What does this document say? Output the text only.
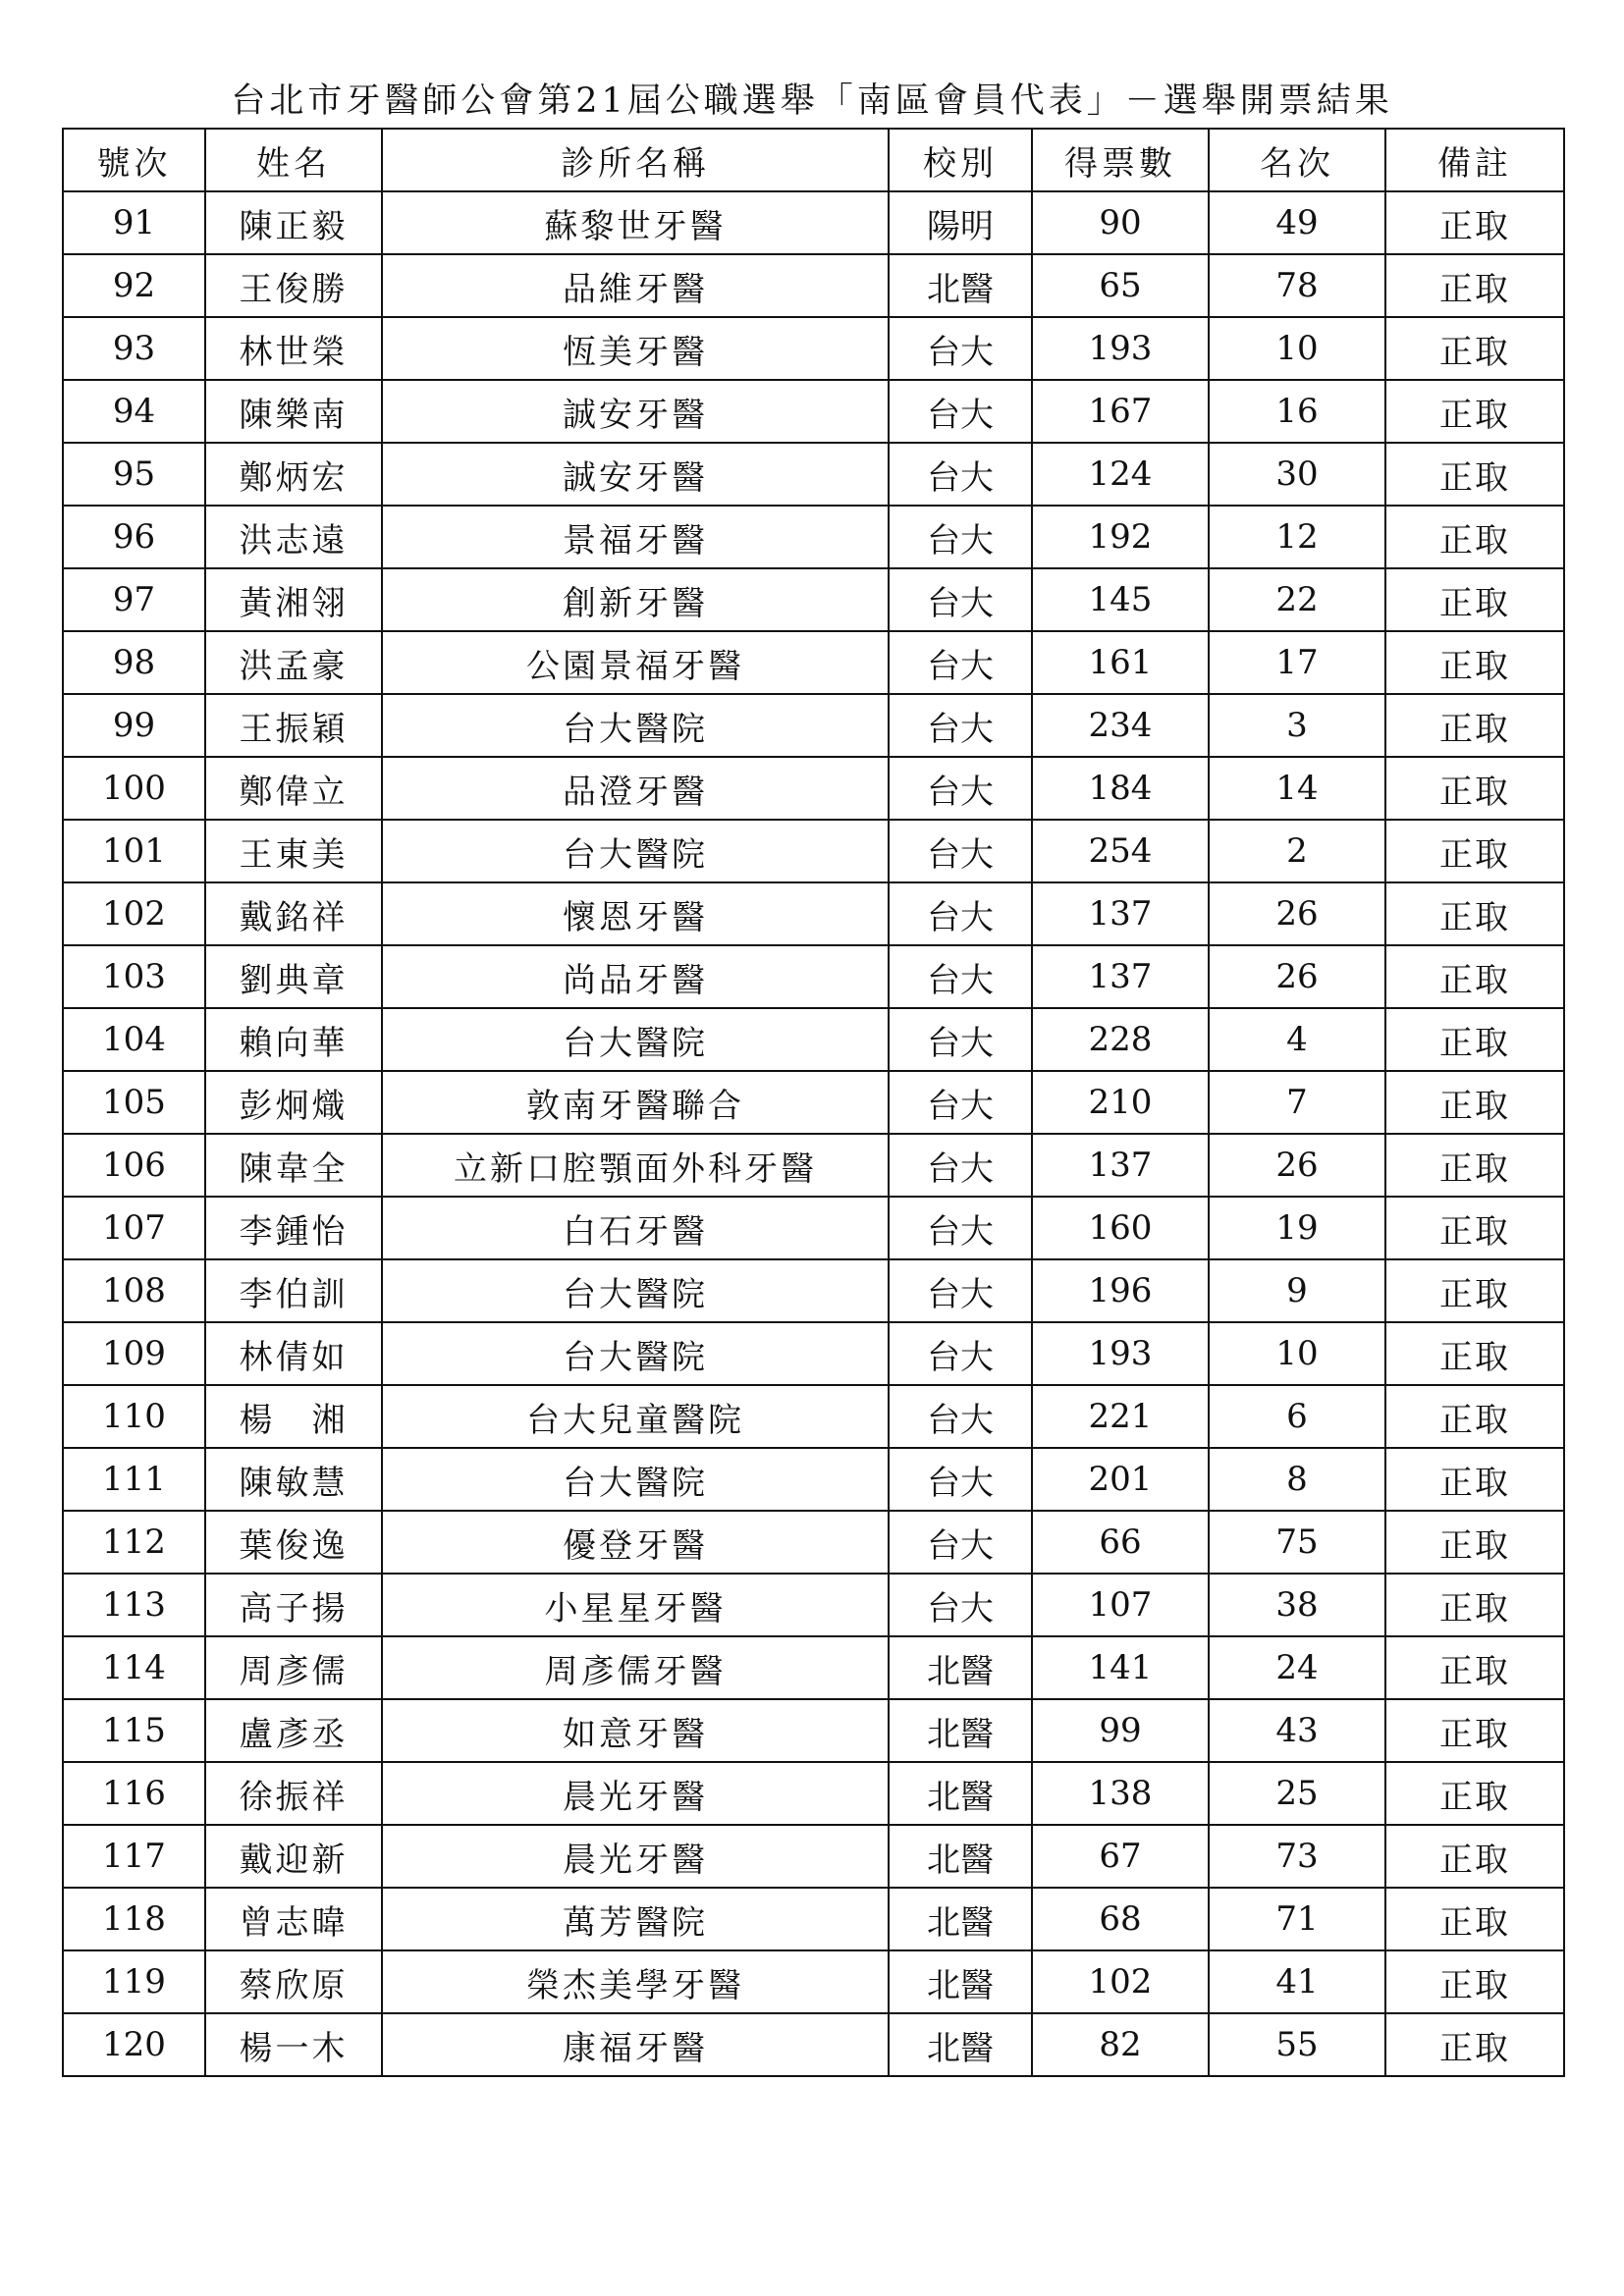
台北市牙醫師公會第21屆公職選舉「南區會員代表」－選舉開票結果
號次	姓名	診所名稱	校別	得票數	名次	備註
91	陳正毅	蘇黎世牙醫	陽明	90	49	正取
92	王俊勝	品維牙醫	北醫	65	78	正取
93	林世榮	恆美牙醫	台大	193	10	正取
94	陳樂南	誠安牙醫	台大	167	16	正取
95	鄭炳宏	誠安牙醫	台大	124	30	正取
96	洪志遠	景福牙醫	台大	192	12	正取
97	黃湘翎	創新牙醫	台大	145	22	正取
98	洪孟豪	公園景福牙醫	台大	161	17	正取
99	王振穎	台大醫院	台大	234	3	正取
100	鄭偉立	品澄牙醫	台大	184	14	正取
101	王東美	台大醫院	台大	254	2	正取
102	戴銘祥	懷恩牙醫	台大	137	26	正取
103	劉典章	尚品牙醫	台大	137	26	正取
104	賴向華	台大醫院	台大	228	4	正取
105	彭炯熾	敦南牙醫聯合	台大	210	7	正取
106	陳韋全	立新口腔顎面外科牙醫	台大	137	26	正取
107	李鍾怡	白石牙醫	台大	160	19	正取
108	李伯訓	台大醫院	台大	196	9	正取
109	林倩如	台大醫院	台大	193	10	正取
110	楊　湘	台大兒童醫院	台大	221	6	正取
111	陳敏慧	台大醫院	台大	201	8	正取
112	葉俊逸	優登牙醫	台大	66	75	正取
113	高子揚	小星星牙醫	台大	107	38	正取
114	周彥儒	周彥儒牙醫	北醫	141	24	正取
115	盧彥丞	如意牙醫	北醫	99	43	正取
116	徐振祥	晨光牙醫	北醫	138	25	正取
117	戴迎新	晨光牙醫	北醫	67	73	正取
118	曾志暐	萬芳醫院	北醫	68	71	正取
119	蔡欣原	榮杰美學牙醫	北醫	102	41	正取
120	楊一木	康福牙醫	北醫	82	55	正取
